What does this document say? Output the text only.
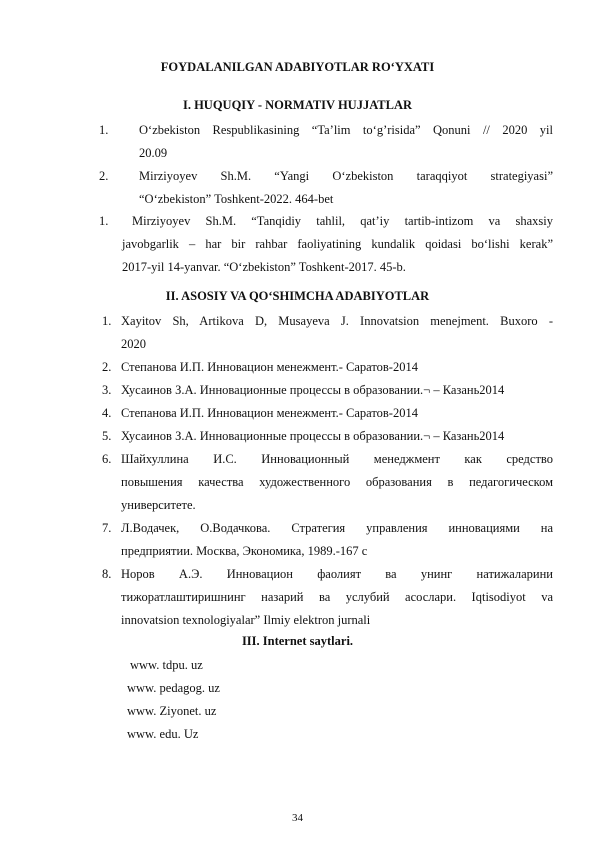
FOYDALANILGAN ADABIYOTLAR RO‘YXATI
I. HUQUQIY - NORMATIV HUJJATLAR
1. O‘zbekiston Respublikasining “Ta’lim to‘g’risida” Qonuni // 2020 yil
20.09
2. Mirziyoyev Sh.M. “Yangi O‘zbekiston taraqqiyot strategiyasi”
“O‘zbekiston” Toshkent-2022. 464-bet
1.	Mirziyoyev Sh.M. “Tanqidiy tahlil, qat’iy tartib-intizom va shaxsiy
javobgarlik – har bir rahbar faoliyatining kundalik qoidasi bo‘lishi kerak”
2017-yil 14-yanvar. “O‘zbekiston” Toshkent-2017. 45-b.
II. ASOSIY VA QO‘SHIMCHA ADABIYOTLAR
1. Xayitov Sh, Artikova D, Musayeva J. Innovatsion menejment. Buxoro -
2020
2. Степанова И.П. Инновацион менежмент.- Саратов-2014
3. Хусаинов З.А. Инновационные процессы в образовании.¬ – Казань2014
4. Степанова И.П. Инновацион менежмент.- Саратов-2014
5. Хусаинов З.А. Инновационные процессы в образовании.¬ – Казань2014
6. Шайхуллина И.С. Инновационный менеджмент как средство
повышения качества художественного образования в педагогическом
университете.
7. Л.Водачек, О.Водачкова. Стратегия управления инновациями на
предприятии. Москва, Экономика, 1989.-167 с
8. Норов А.Э. Инновацион фаолият ва унинг натижаларини
тижоратлаштиришнинг назарий ва услубий асослари. Iqtisodiyot va
innovatsion texnologiyalar” Ilmiy elektron jurnali
III. Internet saytlari.
www. tdpu. uz
www. pedagog. uz
www. Ziyonet. uz
www. edu. Uz
34
